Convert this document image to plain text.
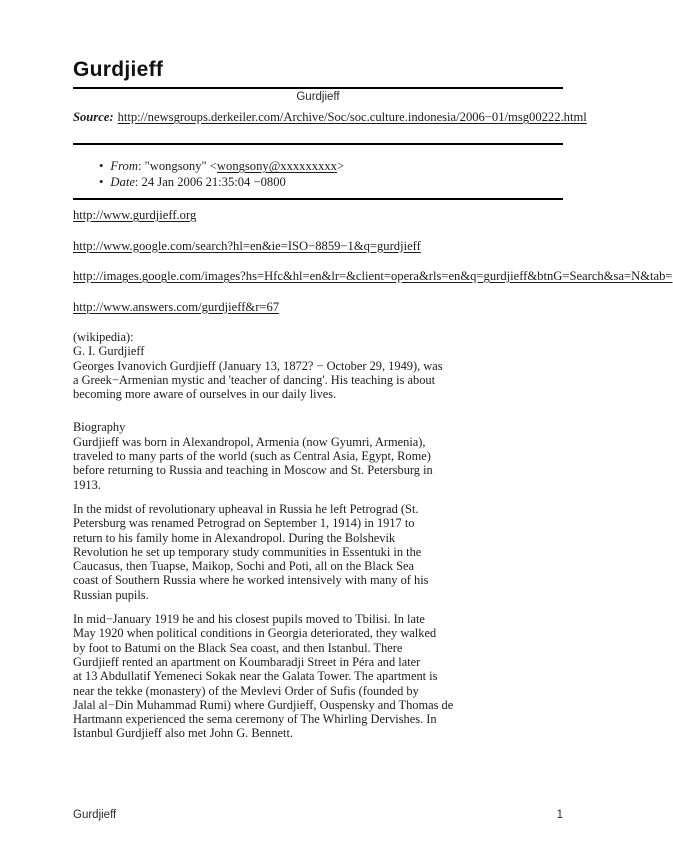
Gurdjieff
Gurdjieff

Source: http://newsgroups.derkeiler.com/Archive/Soc/soc.culture.indonesia/2006−01/msg00222.html

• From: "wongsony" <wongsony@xxxxxxxxx>
• Date: 24 Jan 2006 21:35:04 −0800

http://www.gurdjieff.org

http://www.google.com/search?hl=en&ie=ISO−8859−1&q=gurdjieff

http://images.google.com/images?hs=Hfc&hl=en&lr=&client=opera&rls=en&q=gurdjieff&btnG=Search&sa=N&tab=

http://www.answers.com/gurdjieff&r=67

(wikipedia):
G. I. Gurdjieff
Georges Ivanovich Gurdjieff (January 13, 1872? − October 29, 1949), was
a Greek−Armenian mystic and 'teacher of dancing'. His teaching is about
becoming more aware of ourselves in our daily lives.

Biography

Gurdjieff was born in Alexandropol, Armenia (now Gyumri, Armenia),
traveled to many parts of the world (such as Central Asia, Egypt, Rome)
before returning to Russia and teaching in Moscow and St. Petersburg in
1913.

In the midst of revolutionary upheaval in Russia he left Petrograd (St.
Petersburg was renamed Petrograd on September 1, 1914) in 1917 to
return to his family home in Alexandropol. During the Bolshevik
Revolution he set up temporary study communities in Essentuki in the
Caucasus, then Tuapse, Maikop, Sochi and Poti, all on the Black Sea
coast of Southern Russia where he worked intensively with many of his
Russian pupils.

In mid−January 1919 he and his closest pupils moved to Tbilisi. In late
May 1920 when political conditions in Georgia deteriorated, they walked
by foot to Batumi on the Black Sea coast, and then Istanbul. There
Gurdjieff rented an apartment on Koumbaradji Street in Péra and later
at 13 Abdullatif Yemeneci Sokak near the Galata Tower. The apartment is
near the tekke (monastery) of the Mevlevi Order of Sufis (founded by
Jalal al−Din Muhammad Rumi) where Gurdjieff, Ouspensky and Thomas de
Hartmann experienced the sema ceremony of The Whirling Dervishes. In
Istanbul Gurdjieff also met John G. Bennett.

Gurdjieff	1
